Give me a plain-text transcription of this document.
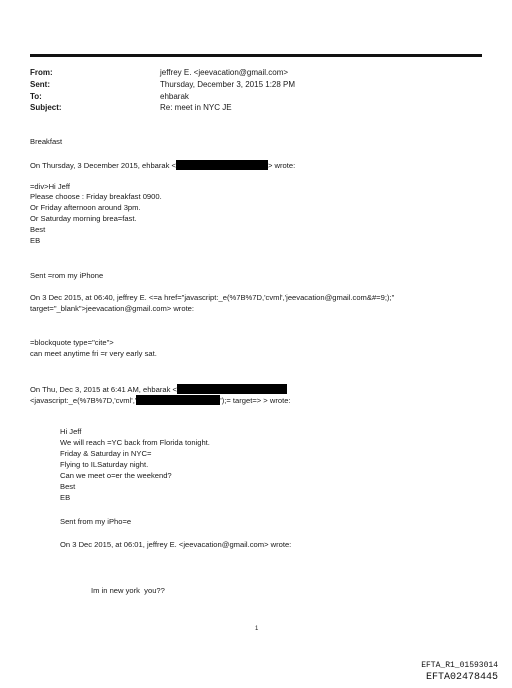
From:	jeffrey E. <jeevacation@gmail.com>
Sent:	Thursday, December 3, 2015 1:28 PM
To:	ehbarak
Subject:	Re: meet in NYC JE
Breakfast
On Thursday, 3 December 2015, ehbarak <	> wrote:
=div>Hi Jeff
Please choose : Friday breakfast 0900.
Or Friday afternoon around 3pm.
Or Saturday morning brea=fast.
Best
EB
Sent =rom my iPhone
On 3 Dec 2015, at 06:40, jeffrey E. <=a href="javascript:_e(%7B%7D,'cvml','jeevacation@gmail.com&#=9;);"
target="_blank">jeevacation@gmail.com> wrote:
=blockquote type="cite">
can meet anytime fri =r very early sat.
On Thu, Dec 3, 2015 at 6:41 AM, ehbarak <
<javascript:_e(%7B%7D,'cvml','	');= target=> > wrote:
Hi Jeff
We will reach =YC back from Florida tonight.
Friday & Saturday in NYC=
Flying to ILSaturday night.
Can we meet o=er the weekend?
Best
EB
Sent from my iPho=e
On 3 Dec 2015, at 06:01, jeffrey E. <jeevacation@gmail.com> wrote:
Im in new york  you??
1
EFTA_R1_01593014
EFTA02478445
